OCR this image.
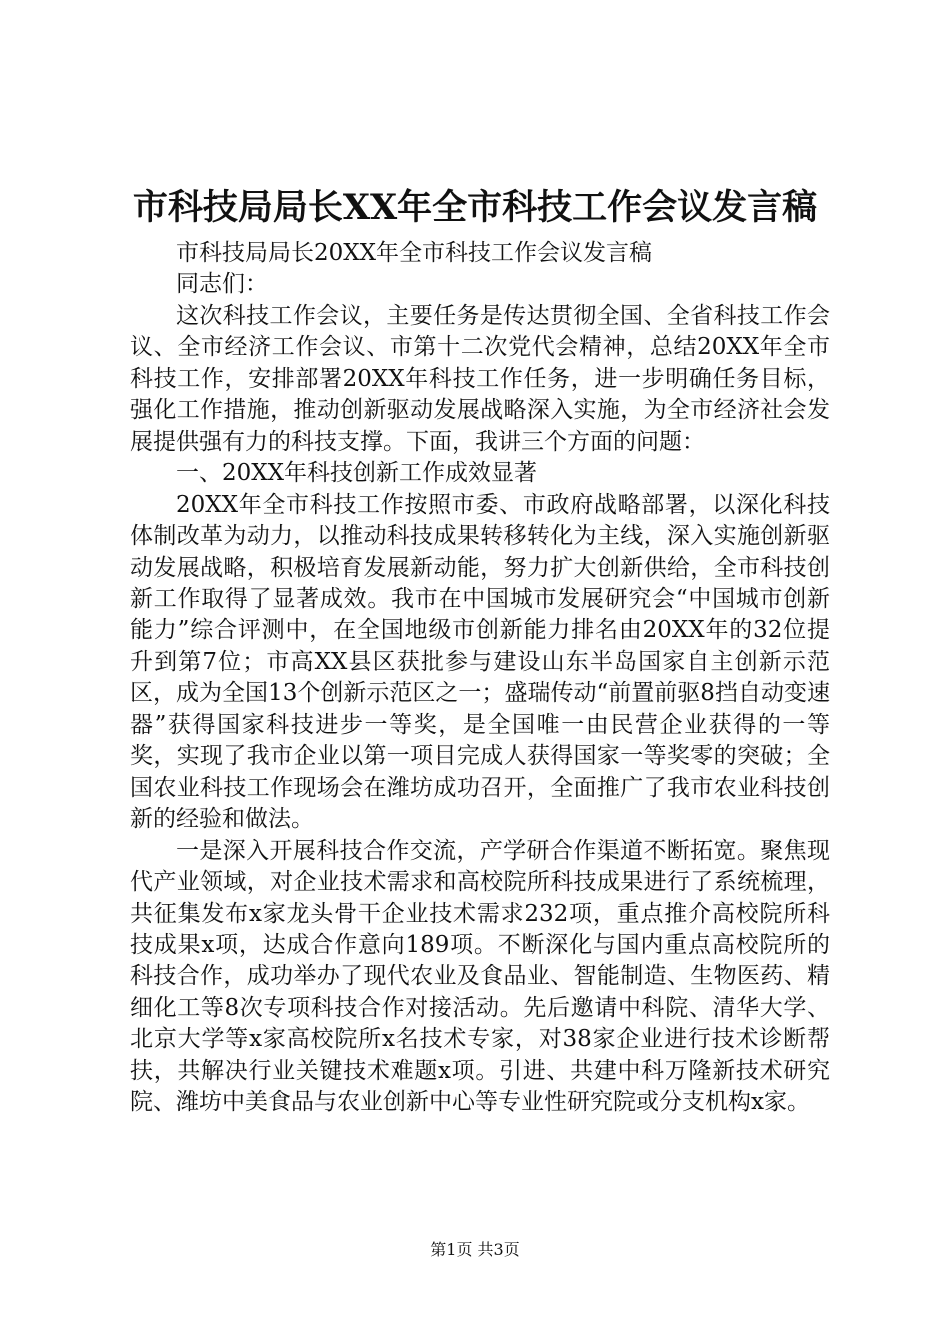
市科技局局长XX年全市科技工作会议发言稿

市科技局局长20XX年全市科技工作会议发言稿

同志们：

这次科技工作会议，主要任务是传达贯彻全国、全省科技工作会议、全市经济工作会议、市第十二次党代会精神，总结20XX年全市科技工作，安排部署20XX年科技工作任务，进一步明确任务目标，强化工作措施，推动创新驱动发展战略深入实施，为全市经济社会发展提供强有力的科技支撑。下面，我讲三个方面的问题：

一、20XX年科技创新工作成效显著

20XX年全市科技工作按照市委、市政府战略部署，以深化科技体制改革为动力，以推动科技成果转移转化为主线，深入实施创新驱动发展战略，积极培育发展新动能，努力扩大创新供给，全市科技创新工作取得了显著成效。我市在中国城市发展研究会“中国城市创新能力”综合评测中，在全国地级市创新能力排名由20XX年的32位提升到第7位；市高XX县区获批参与建设山东半岛国家自主创新示范区，成为全国13个创新示范区之一；盛瑞传动“前置前驱8挡自动变速器”获得国家科技进步一等奖，是全国唯一由民营企业获得的一等奖，实现了我市企业以第一项目完成人获得国家一等奖零的突破；全国农业科技工作现场会在潍坊成功召开，全面推广了我市农业科技创新的经验和做法。

一是深入开展科技合作交流，产学研合作渠道不断拓宽。聚焦现代产业领域，对企业技术需求和高校院所科技成果进行了系统梳理，共征集发布x家龙头骨干企业技术需求232项，重点推介高校院所科技成果x项，达成合作意向189项。不断深化与国内重点高校院所的科技合作，成功举办了现代农业及食品业、智能制造、生物医药、精细化工等8次专项科技合作对接活动。先后邀请中科院、清华大学、北京大学等x家高校院所x名技术专家，对38家企业进行技术诊断帮扶，共解决行业关键技术难题x项。引进、共建中科万隆新技术研究院、潍坊中美食品与农业创新中心等专业性研究院或分支机构x家。

第1页 共3页
